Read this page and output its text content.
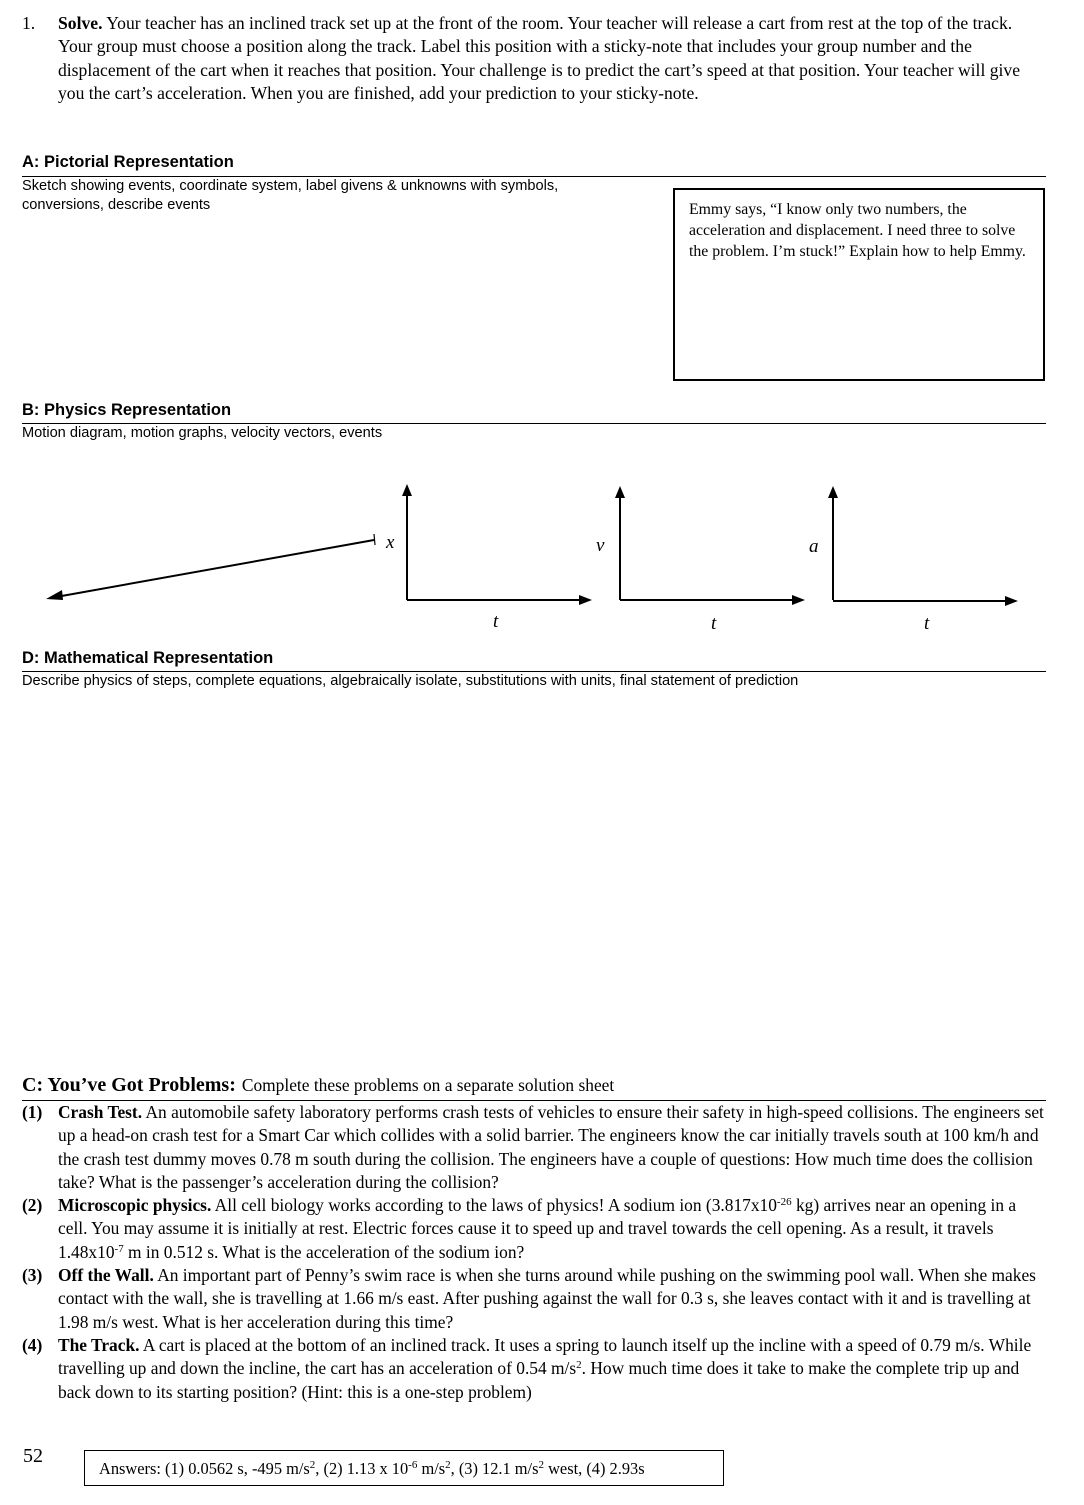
1. Solve. Your teacher has an inclined track set up at the front of the room. Your teacher will release a cart from rest at the top of the track. Your group must choose a position along the track. Label this position with a sticky-note that includes your group number and the displacement of the cart when it reaches that position. Your challenge is to predict the cart’s speed at that position. Your teacher will give you the cart’s acceleration. When you are finished, add your prediction to your sticky-note.
A: Pictorial Representation
Sketch showing events, coordinate system, label givens & unknowns with symbols,
conversions, describe events	Emmy says, “I know only two numbers, the acceleration and displacement. I need three to solve the problem. I’m stuck!” Explain how to help Emmy.
B: Physics Representation
Motion diagram, motion graphs, velocity vectors, events
x
t
v
t
a
t
D: Mathematical Representation
Describe physics of steps, complete equations, algebraically isolate, substitutions with units, final statement of prediction
C: You’ve Got Problems: Complete these problems on a separate solution sheet
(1) Crash Test. An automobile safety laboratory performs crash tests of vehicles to ensure their safety in high-speed collisions. The engineers set up a head-on crash test for a Smart Car which collides with a solid barrier. The engineers know the car initially travels south at 100 km/h and the crash test dummy moves 0.78 m south during the collision. The engineers have a couple of questions: How much time does the collision take? What is the passenger’s acceleration during the collision?
(2) Microscopic physics. All cell biology works according to the laws of physics! A sodium ion ($3.817x10^{-26}$ kg) arrives near an opening in a cell. You may assume it is initially at rest. Electric forces cause it to speed up and travel towards the cell opening. As a result, it travels $1.48x10^{-7}$ m in 0.512 s. What is the acceleration of the sodium ion?
(3) Off the Wall. An important part of Penny’s swim race is when she turns around while pushing on the swimming pool wall. When she makes contact with the wall, she is travelling at 1.66 m/s east. After pushing against the wall for 0.3 s, she leaves contact with it and is travelling at 1.98 m/s west. What is her acceleration during this time?
(4) The Track. A cart is placed at the bottom of an inclined track. It uses a spring to launch itself up the incline with a speed of 0.79 m/s. While travelling up and down the incline, the cart has an acceleration of 0.54 $m/s^2$. How much time does it take to make the complete trip up and back down to its starting position? (Hint: this is a one-step problem)
52
Answers: (1) 0.0562 s, -495 $m/s^2$, (2) 1.13 x $10^{-6}$ $m/s^2$, (3) 12.1 $m/s^2$ west, (4) 2.93s
